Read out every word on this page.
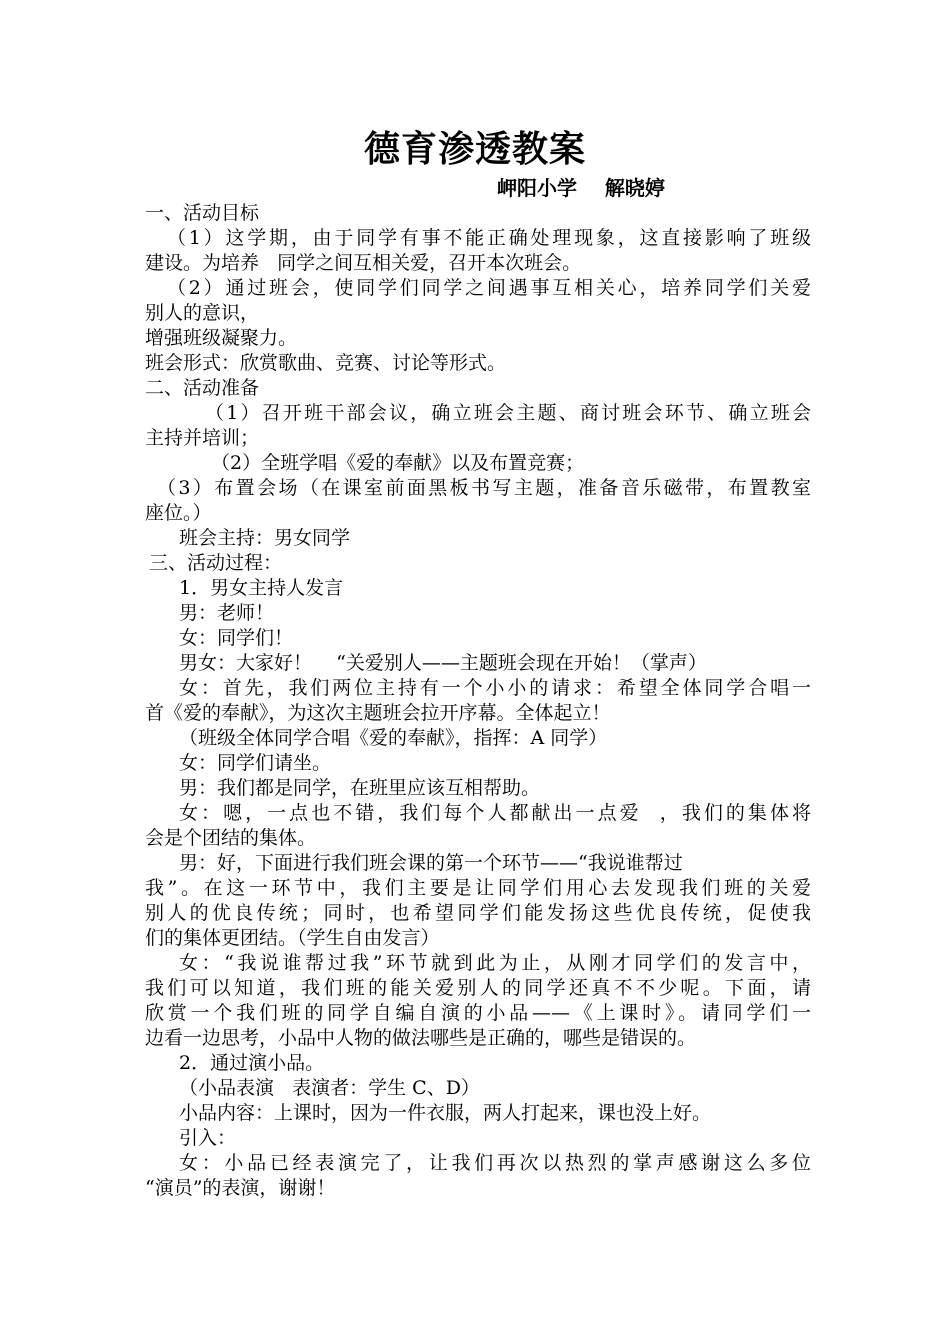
德育渗透教案
岬阳小学    解晓婷
一、活动目标
（1）这学期，由于同学有事不能正确处理现象，这直接影响了班级
建设。为培养   同学之间互相关爱，召开本次班会。
（2）通过班会，使同学们同学之间遇事互相关心，培养同学们关爱
别人的意识，
增强班级凝聚力。
班会形式：欣赏歌曲、竞赛、讨论等形式。
二、活动准备
（1）召开班干部会议，确立班会主题、商讨班会环节、确立班会
主持并培训；
（2）全班学唱《爱的奉献》以及布置竞赛；
（3）布置会场（在课室前面黑板书写主题，准备音乐磁带，布置教室
座位。）
班会主持：男女同学
三、活动过程：
1．男女主持人发言
男：老师！
女：同学们！
男女：大家好！    “关爱别人——主题班会现在开始！（掌声）
女：首先，我们两位主持有一个小小的请求：希望全体同学合唱一
首《爱的奉献》，为这次主题班会拉开序幕。全体起立！
（班级全体同学合唱《爱的奉献》，指挥：A 同学）
女：同学们请坐。
男：我们都是同学，在班里应该互相帮助。
女：嗯，一点也不错，我们每个人都献出一点爱  ，我们的集体将
会是个团结的集体。
男：好，下面进行我们班会课的第一个环节——“我说谁帮过
我”。在这一环节中，我们主要是让同学们用心去发现我们班的关爱
别人的优良传统；同时，也希望同学们能发扬这些优良传统，促使我
们的集体更团结。（学生自由发言）
女：“我说谁帮过我”环节就到此为止，从刚才同学们的发言中，
我们可以知道，我们班的能关爱别人的同学还真不不少呢。下面，请
欣赏一个我们班的同学自编自演的小品——《上课时》。请同学们一
边看一边思考，小品中人物的做法哪些是正确的，哪些是错误的。
2．通过演小品。
（小品表演   表演者：学生 C、D）
小品内容：上课时，因为一件衣服，两人打起来，课也没上好。
引入：
女：小品已经表演完了，让我们再次以热烈的掌声感谢这么多位
“演员”的表演，谢谢！
